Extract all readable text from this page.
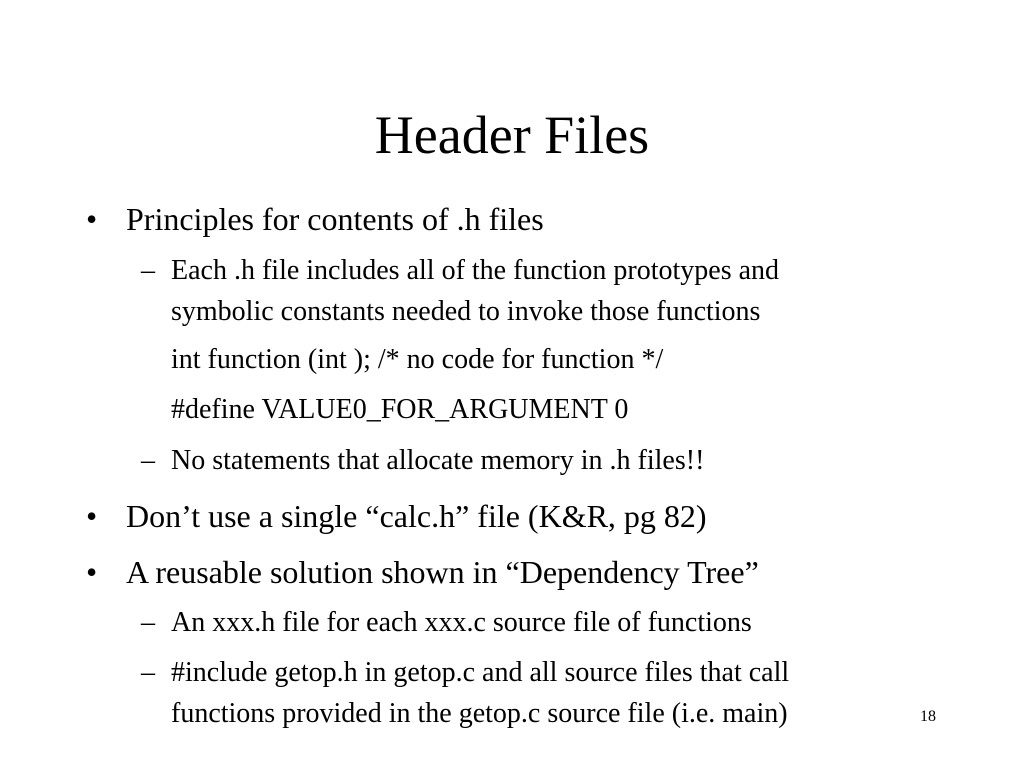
Header Files
• Principles for contents of .h files
– Each .h file includes all of the function prototypes and
symbolic constants needed to invoke those functions
int function (int ); /* no code for function */
#define VALUE0_FOR_ARGUMENT 0
– No statements that allocate memory in .h files!!
• Don’t use a single “calc.h” file (K&R, pg 82)
• A reusable solution shown in “Dependency Tree”
– An xxx.h file for each xxx.c source file of functions
– #include getop.h in getop.c and all source files that call
functions provided in the getop.c source file (i.e. main)	18
